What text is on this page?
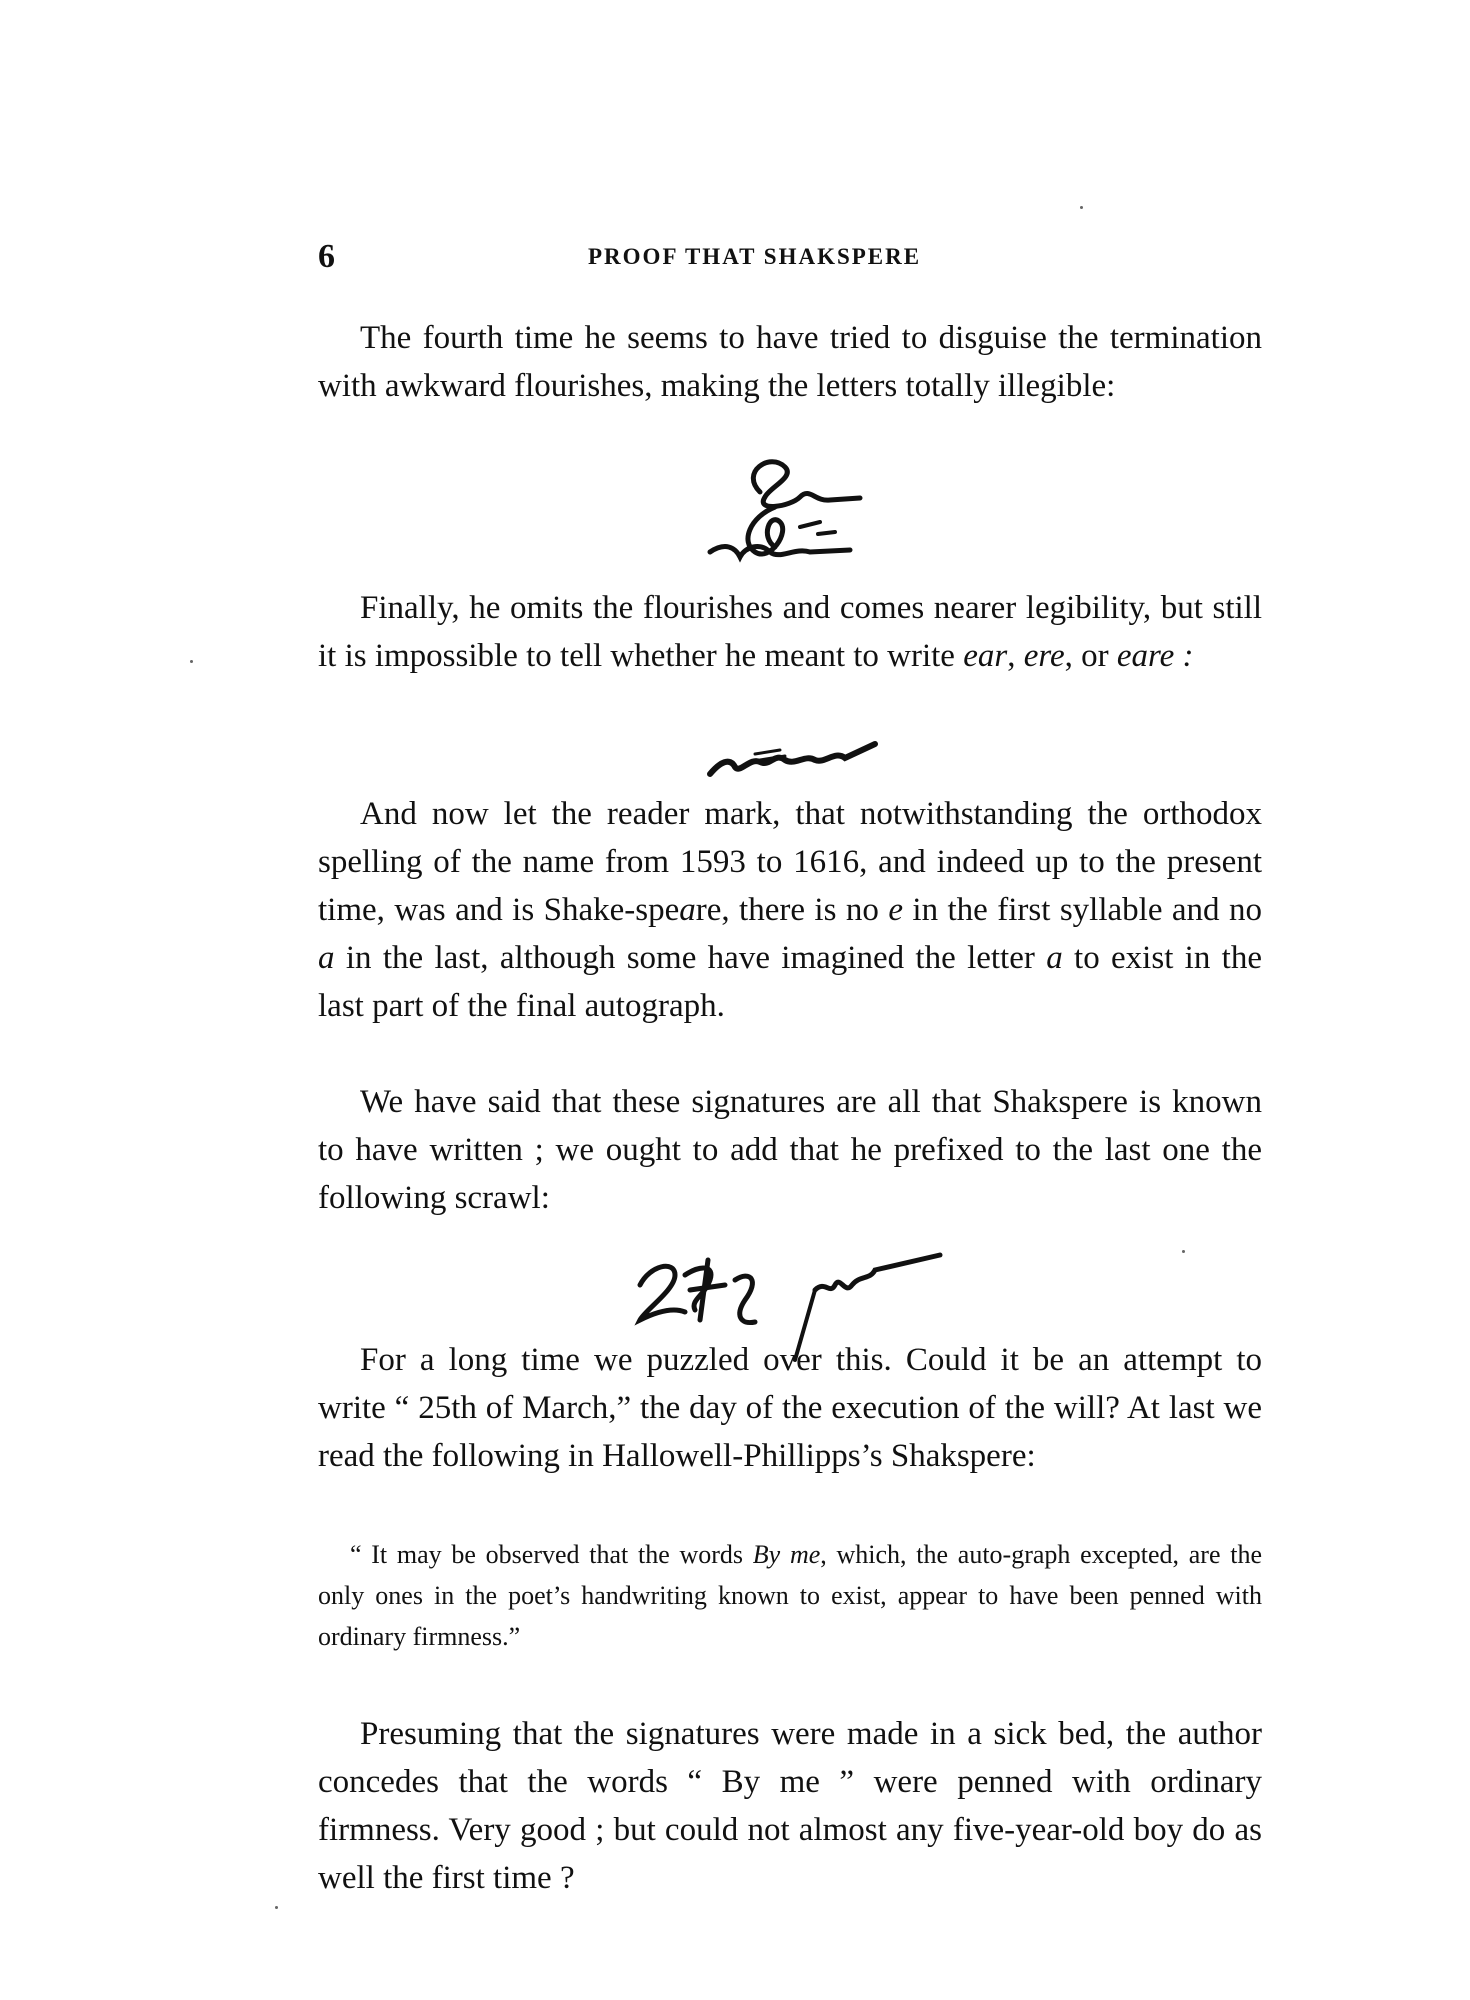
6	PROOF THAT SHAKSPERE

The fourth time he seems to have tried to disguise the termination with awkward flourishes, making the letters totally illegible:

Finally, he omits the flourishes and comes nearer legibility, but still it is impossible to tell whether he meant to write ear, ere, or eare :

And now let the reader mark, that notwithstanding the orthodox spelling of the name from 1593 to 1616, and indeed up to the present time, was and is Shake-speare, there is no e in the first syllable and no a in the last, although some have imagined the letter a to exist in the last part of the final autograph.

We have said that these signatures are all that Shakspere is known to have written ; we ought to add that he prefixed to the last one the following scrawl:

For a long time we puzzled over this. Could it be an attempt to write “ 25th of March,” the day of the execution of the will? At last we read the following in Hallowell-Phillipps’s Shakspere:

“ It may be observed that the words By me, which, the auto-graph excepted, are the only ones in the poet’s handwriting known to exist, appear to have been penned with ordinary firmness.”

Presuming that the signatures were made in a sick bed, the author concedes that the words “ By me ” were penned with ordinary firmness. Very good ; but could not almost any five-year-old boy do as well the first time ?
